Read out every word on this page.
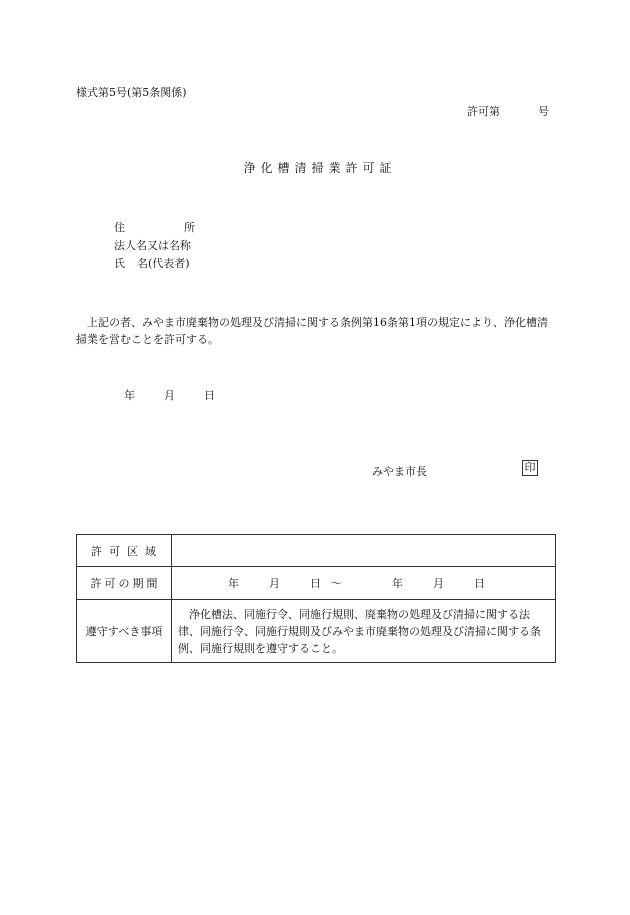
様式第5号(第5条関係)
許可第	号
浄化槽清掃業許可証
住	所
法人名又は名称
氏 名(代表者)
上記の者、みやま市廃棄物の処理及び清掃に関する条例第16条第1項の規定により、浄化槽清掃業を営むことを許可する。
年	月	日
みやま市長	印
許可区域	
許可の期間	年 月 日 ～ 年 月 日
遵守すべき事項	浄化槽法、同施行令、同施行規則、廃棄物の処理及び清掃に関する法律、同施行令、同施行規則及びみやま市廃棄物の処理及び清掃に関する条例、同施行規則を遵守すること。
